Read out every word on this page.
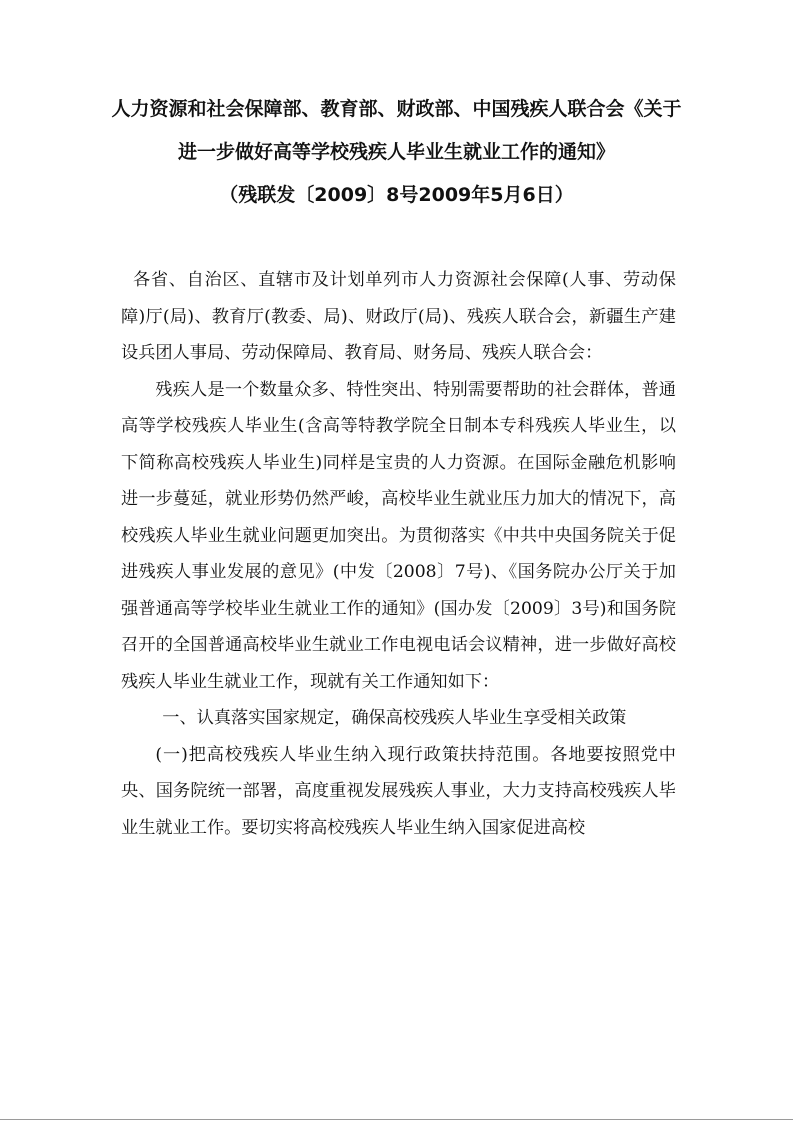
人力资源和社会保障部、教育部、财政部、中国残疾人联合会《关于
进一步做好高等学校残疾人毕业生就业工作的通知》
（残联发〔2009〕8号2009年5月6日）

各省、自治区、直辖市及计划单列市人力资源社会保障(人事、劳动保障)厅(局)、教育厅(教委、局)、财政厅(局)、残疾人联合会，新疆生产建设兵团人事局、劳动保障局、教育局、财务局、残疾人联合会：

残疾人是一个数量众多、特性突出、特别需要帮助的社会群体，普通高等学校残疾人毕业生(含高等特教学院全日制本专科残疾人毕业生，以下简称高校残疾人毕业生)同样是宝贵的人力资源。在国际金融危机影响进一步蔓延，就业形势仍然严峻，高校毕业生就业压力加大的情况下，高校残疾人毕业生就业问题更加突出。为贯彻落实《中共中央国务院关于促进残疾人事业发展的意见》(中发〔2008〕7号)、《国务院办公厅关于加强普通高等学校毕业生就业工作的通知》(国办发〔2009〕3号)和国务院召开的全国普通高校毕业生就业工作电视电话会议精神，进一步做好高校残疾人毕业生就业工作，现就有关工作通知如下：

一、认真落实国家规定，确保高校残疾人毕业生享受相关政策

(一)把高校残疾人毕业生纳入现行政策扶持范围。各地要按照党中央、国务院统一部署，高度重视发展残疾人事业，大力支持高校残疾人毕业生就业工作。要切实将高校残疾人毕业生纳入国家促进高校
